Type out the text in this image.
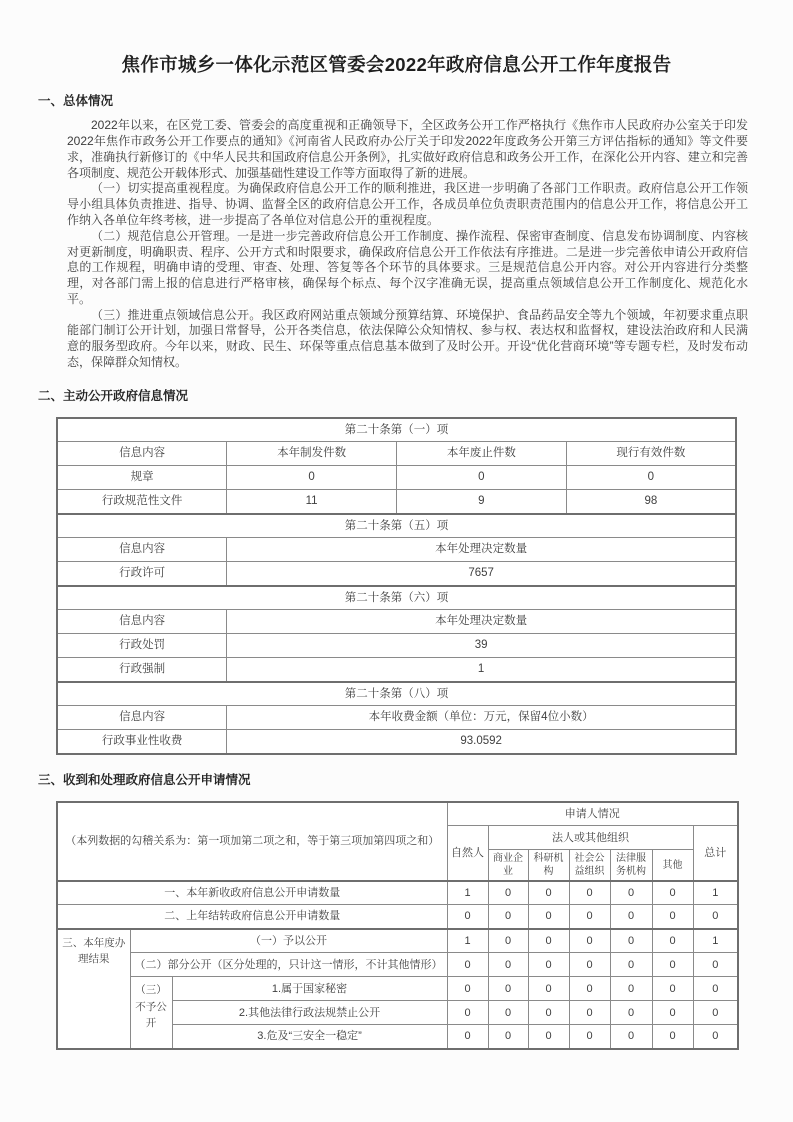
焦作市城乡一体化示范区管委会2022年政府信息公开工作年度报告
一、总体情况

2022年以来，在区党工委、管委会的高度重视和正确领导下，全区政务公开工作严格执行《焦作市人民政府办公室关于印发2022年焦作市政务公开工作要点的通知》《河南省人民政府办公厅关于印发2022年度政务公开第三方评估指标的通知》等文件要求，准确执行新修订的《中华人民共和国政府信息公开条例》，扎实做好政府信息和政务公开工作，在深化公开内容、建立和完善各项制度、规范公开载体形式、加强基础性建设工作等方面取得了新的进展。

（一）切实提高重视程度。为确保政府信息公开工作的顺利推进，我区进一步明确了各部门工作职责。政府信息公开工作领导小组具体负责推进、指导、协调、监督全区的政府信息公开工作，各成员单位负责职责范围内的信息公开工作，将信息公开工作纳入各单位年终考核，进一步提高了各单位对信息公开的重视程度。

（二）规范信息公开管理。一是进一步完善政府信息公开工作制度、操作流程、保密审查制度、信息发布协调制度、内容核对更新制度，明确职责、程序、公开方式和时限要求，确保政府信息公开工作依法有序推进。二是进一步完善依申请公开政府信息的工作规程，明确申请的受理、审查、处理、答复等各个环节的具体要求。三是规范信息公开内容。对公开内容进行分类整理，对各部门需上报的信息进行严格审核，确保每个标点、每个汉字准确无误，提高重点领域信息公开工作制度化、规范化水平。

（三）推进重点领域信息公开。我区政府网站重点领域分预算结算、环境保护、食品药品安全等九个领域，年初要求重点职能部门制订公开计划，加强日常督导，公开各类信息，依法保障公众知情权、参与权、表达权和监督权，建设法治政府和人民满意的服务型政府。今年以来，财政、民生、环保等重点信息基本做到了及时公开。开设“优化营商环境”等专题专栏，及时发布动态，保障群众知情权。

二、主动公开政府信息情况
第二十条第（一）项			
信息内容	本年制发件数	本年废止件数	现行有效件数
规章	0	0	0
行政规范性文件	11	9	98
第二十条第（五）项			
信息内容	本年处理决定数量		
行政许可	7657		
第二十条第（六）项			
信息内容	本年处理决定数量		
行政处罚	39		
行政强制	1		
第二十条第（八）项			
信息内容	本年收费金额（单位：万元，保留4位小数）		
行政事业性收费	93.0592		
三、收到和处理政府信息公开申请情况
（本列数据的勾稽关系为：第一项加第二项之和，等于第三项加第四项之和）			申请人情况						
			自然人	法人或其他组织					总计
				商业企业	科研机构	社会公益组织	法律服务机构	其他	
一、本年新收政府信息公开申请数量			1	0	0	0	0	0	1
二、上年结转政府信息公开申请数量			0	0	0	0	0	0	0
三、本年度办理结果	（一）予以公开		1	0	0	0	0	0	1
	（二）部分公开（区分处理的，只计这一情形，不计其他情形）		0	0	0	0	0	0	0
	（三）不予公开	1.属于国家秘密	0	0	0	0	0	0	0
		2.其他法律行政法规禁止公开	0	0	0	0	0	0	0
		3.危及“三安全一稳定”	0	0	0	0	0	0	0
